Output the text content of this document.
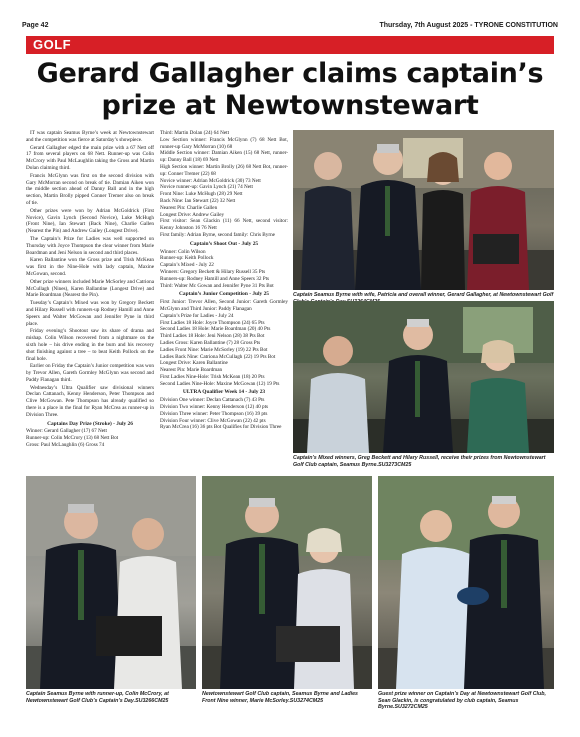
Page 42	Thursday, 7th August 2025 - TYRONE CONSTITUTION
GOLF
Gerard Gallagher claims captain’s prize at Newtownstewart

IT was captain Seamus Byrne’s week at Newtownstewart and the competition was fierce at Saturday’s showpiece.

Gerard Gallagher edged the main prize with a 67 Nett off 17 from several players on 68 Nett. Runner-up was Colin McCrory with Paul McLaughlin taking the Gross and Martin Dolan claiming third.

Francis McGlynn was first on the second division with Gary McMorran second on break of tie. Damian Aiken won the middle section ahead of Danny Ball and in the high section, Martin Brolly pipped Conner Tremer also on break of tie.

Other prizes were won by Adrian McGoldrick (First Novice), Gavin Lynch (Second Novice), Luke McHugh (Front Nine), Ian Stewart (Back Nine), Charlie Gallen (Nearest the Pin) and Andrew Gailey (Longest Drive).

The Captain’s Prize for Ladies was well supported on Thursday with Joyce Thompson the clear winner from Marie Boardman and Jeni Nelson in second and third places.

Karen Ballantine won the Gross prize and Trish McKean was first in the Nine-Hole with lady captain, Maxine McGowan, second.

Other prize winners included Marie McSorley and Catriona McCullagh (Nines), Karen Ballantine (Longest Drive) and Marie Boardman (Nearest the Pin).

Tuesday’s Captain’s Mixed was won by Gregory Beckett and Hilary Russell with runners-up Rodney Hamill and Anne Speers and Walter McGowan and Jennifer Pyne in third place.

Friday evening’s Shootout saw its share of drama and mishap. Colin Wilson recovered from a nightmare on the sixth hole – his drive ending in the burn and his recovery shot finishing against a tree – to beat Keith Pollock on the final hole.

Earlier on Friday the Captain’s Junior competition was won by Trevor Allen, Gareth Gormley McGlynn was second and Paddy Flanagan third.

Wednesday’s Ultra Qualifier saw divisional winners Declan Cattanach, Kenny Henderson, Peter Thompson and Clive McGowan. Pete Thompson has already qualified so there is a place in the final for Ryan McCrea as runner-up in Division Three.

Captains Day Prize (Stroke) - July 26

Winner: Gerard Gallagher (17) 67 Nett

Runner-up: Colin McCrory (13) 68 Nett Bot

Gross: Paul McLaughlin (6) Gross 74

Third: Martin Dolan (24) 64 Nett

Low Section winner: Francis McGlynn (7) 68 Nett Bot, runner-up Gary McMorran (10) 68

Middle Section winner: Damian Aiken (15) 68 Nett, runner-up: Danny Ball (18) 69 Nett

High Section winner: Martin Brolly (26) 68 Nett Bot, runner-up: Conner Tremer (22) 68

Novice winner: Adrian McGoldrick (30) 73 Nett

Novice runner-up: Gavin Lynch (21) 74 Nett

Front Nine: Luke McHugh (28) 29 Nett

Back Nine: Ian Stewart (22) 32 Nett

Nearest Pin: Charlie Gallen

Longest Drive: Andrew Gailey

First visitor: Sean Glackin (11) 66 Nett, second visitor: Kenny Johnston 16 76 Nett

First family: Adrian Byrne, second family: Chris Byrne

Captain’s Shoot Out - July 25

Winner: Colin Wilson

Runner-up: Keith Pollock

Captain’s Mixed - July 22

Winners: Gregory Beckett & Hilary Russell 35 Pts

Runners-up: Rodney Hamill and Anne Speers 32 Pts

Third: Walter Mc Gowan and Jennifer Pyne 31 Pts Bot

Captain’s Junior Competition - July 25

First Junior: Trevor Allen, Second Junior: Gareth Gormley McGlynn and Third Junior: Paddy Flanagan

Captain’s Prize for Ladies - July 24

First Ladies 18 Hole: Joyce Thompson (24) 65 Pts

Second Ladies 18 Hole: Marie Boardman (20) 40 Pts

Third Ladies 18 Hole: Jeni Nelson (28) 38 Pts Bot

Ladies Gross: Karen Ballantine (7) 28 Gross Pts

Ladies Front Nine: Marie McSorley (19) 22 Pts Bot

Ladies Back Nine: Catriona McCullagh (22) 19 Pts Bot

Longest Drive: Karen Ballantine

Nearest Pin: Marie Boardman

First Ladies Nine-Hole: Trish McKean (18) 20 Pts

Second Ladies Nine-Hole: Maxine McGowan (12) 19 Pts

ULTRA Qualifier Week 14 - July 23

Division One winner: Declan Cattanach (7) 43 Pts

Division Two winner: Kenny Henderson (12) 40 pts

Division Three winner: Peter Thompson (16) 39 pts

Division Four winner: Clive McGowan (22) 42 pts

Ryan McCrea (16) 36 pts Bot Qualifies for Division Three

Captain Seamus Byrne with wife, Patricia and overall winner, Gerard Gallagher, at Newtownstewart Golf
Captain’s Mixed winners, Greg Beckett and Hilary Russell, receive their prizes from Newtownstewart Golf Club captain, Seamus Byrne.SU3273CM25
Captain Seamus Byrne with runner-up, Colin McCrory, at Newtownstewart Golf Club’s Captain’s Day.SU3266CM25
Newtownstewart Golf Club captain, Seamus Byrne and Ladies Front Nine winner, Marie McSorley.SU3274CM25
Guest prize winner on Captain’s Day at Newtownstewart Golf Club, Sean Glackin, is congratulated by club captain, Seamus Byrne.SU3272CM25
